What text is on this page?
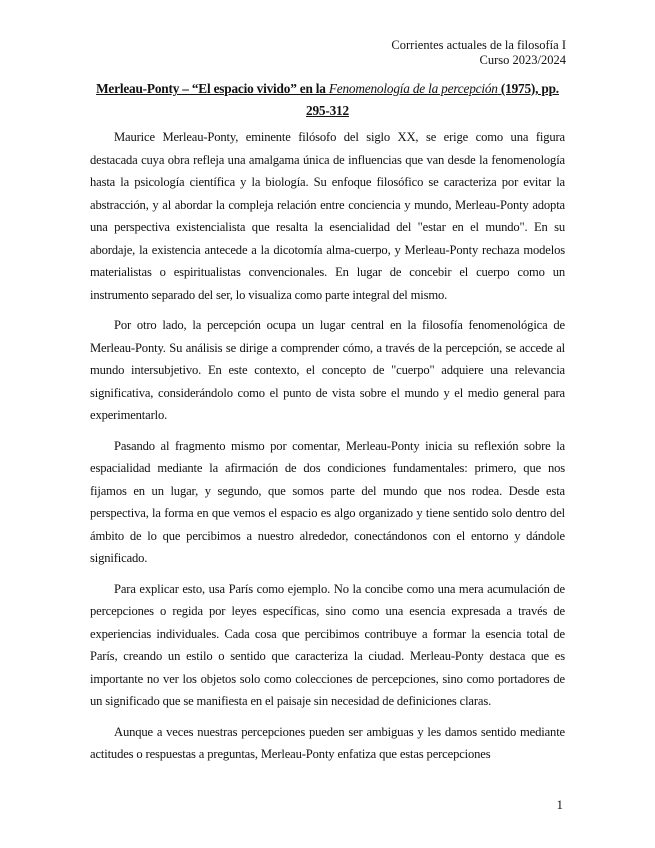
Corrientes actuales de la filosofía I
Curso 2023/2024
Merleau-Ponty – “El espacio vivido” en la Fenomenología de la percepción (1975), pp. 295-312

Maurice Merleau-Ponty, eminente filósofo del siglo XX, se erige como una figura destacada cuya obra refleja una amalgama única de influencias que van desde la fenomenología hasta la psicología científica y la biología. Su enfoque filosófico se caracteriza por evitar la abstracción, y al abordar la compleja relación entre conciencia y mundo, Merleau-Ponty adopta una perspectiva existencialista que resalta la esencialidad del "estar en el mundo". En su abordaje, la existencia antecede a la dicotomía alma-cuerpo, y Merleau-Ponty rechaza modelos materialistas o espiritualistas convencionales. En lugar de concebir el cuerpo como un instrumento separado del ser, lo visualiza como parte integral del mismo.

Por otro lado, la percepción ocupa un lugar central en la filosofía fenomenológica de Merleau-Ponty. Su análisis se dirige a comprender cómo, a través de la percepción, se accede al mundo intersubjetivo. En este contexto, el concepto de "cuerpo" adquiere una relevancia significativa, considerándolo como el punto de vista sobre el mundo y el medio general para experimentarlo.

Pasando al fragmento mismo por comentar, Merleau-Ponty inicia su reflexión sobre la espacialidad mediante la afirmación de dos condiciones fundamentales: primero, que nos fijamos en un lugar, y segundo, que somos parte del mundo que nos rodea. Desde esta perspectiva, la forma en que vemos el espacio es algo organizado y tiene sentido solo dentro del ámbito de lo que percibimos a nuestro alrededor, conectándonos con el entorno y dándole significado.

Para explicar esto, usa París como ejemplo. No la concibe como una mera acumulación de percepciones o regida por leyes específicas, sino como una esencia expresada a través de experiencias individuales. Cada cosa que percibimos contribuye a formar la esencia total de París, creando un estilo o sentido que caracteriza la ciudad. Merleau-Ponty destaca que es importante no ver los objetos solo como colecciones de percepciones, sino como portadores de un significado que se manifiesta en el paisaje sin necesidad de definiciones claras.

Aunque a veces nuestras percepciones pueden ser ambiguas y les damos sentido mediante actitudes o respuestas a preguntas, Merleau-Ponty enfatiza que estas percepciones

1
